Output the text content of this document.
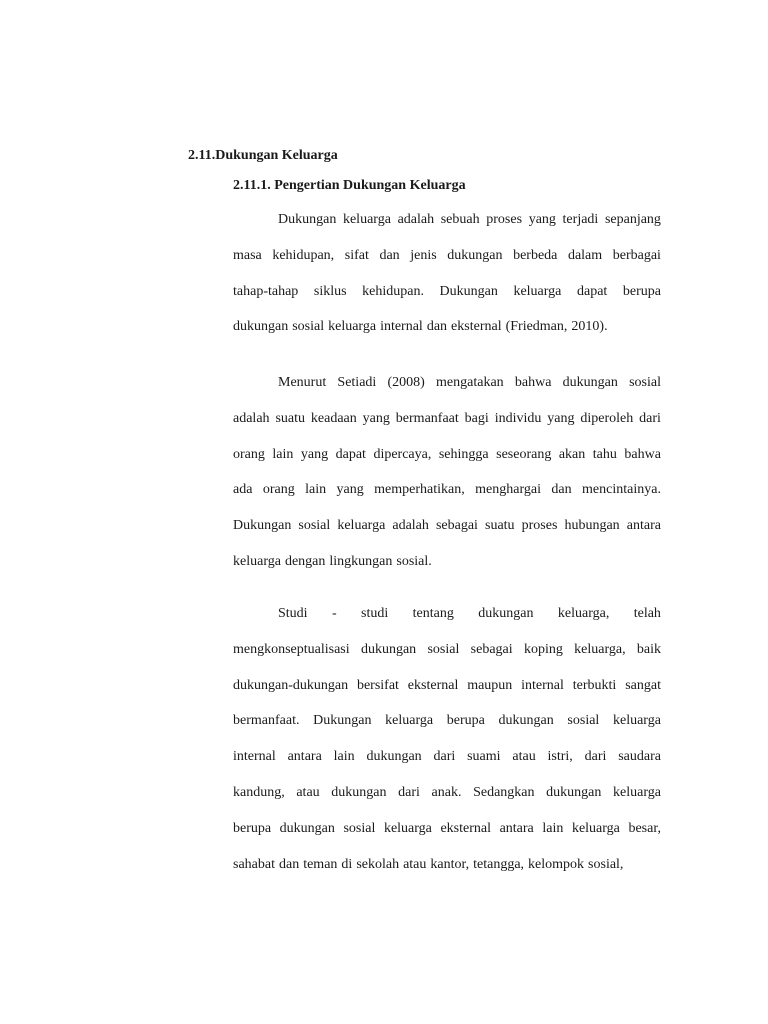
2.11.Dukungan Keluarga
2.11.1. Pengertian Dukungan Keluarga
Dukungan keluarga adalah sebuah proses yang terjadi sepanjang
masa kehidupan, sifat dan jenis dukungan berbeda dalam berbagai
tahap-tahap siklus kehidupan. Dukungan keluarga dapat berupa
dukungan sosial keluarga internal dan eksternal (Friedman, 2010).
Menurut Setiadi (2008) mengatakan bahwa dukungan sosial
adalah suatu keadaan yang bermanfaat bagi individu yang diperoleh dari
orang lain yang dapat dipercaya, sehingga seseorang akan tahu bahwa
ada orang lain yang memperhatikan, menghargai dan mencintainya.
Dukungan sosial keluarga adalah sebagai suatu proses hubungan antara
keluarga dengan lingkungan sosial.
Studi - studi tentang dukungan keluarga, telah
mengkonseptualisasi dukungan sosial sebagai koping keluarga, baik
dukungan-dukungan bersifat eksternal maupun internal terbukti sangat
bermanfaat. Dukungan keluarga berupa dukungan sosial keluarga
internal antara lain dukungan dari suami atau istri, dari saudara
kandung, atau dukungan dari anak. Sedangkan dukungan keluarga
berupa dukungan sosial keluarga eksternal antara lain keluarga besar,
sahabat dan teman di sekolah atau kantor, tetangga, kelompok sosial,
